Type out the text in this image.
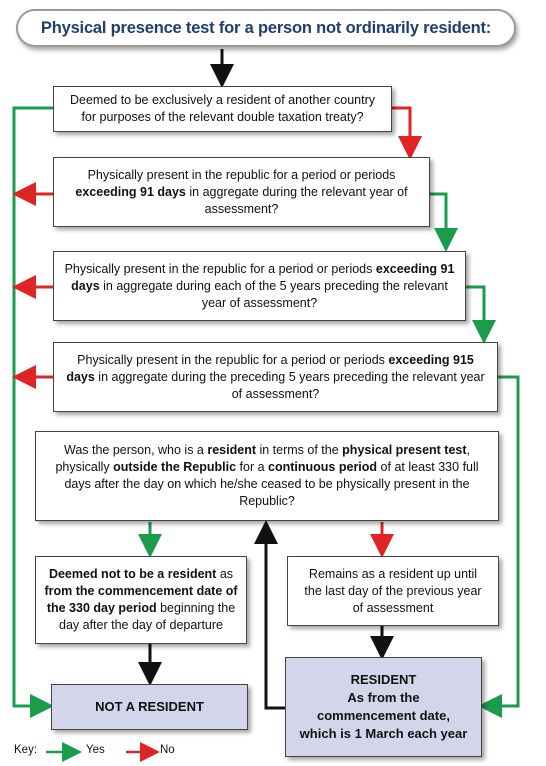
Physical presence test for a person not ordinarily resident:
Deemed to be exclusively a resident of another country
for purposes of the relevant double taxation treaty?
Physically present in the republic for a period or periods exceeding 91 days in aggregate during the relevant year of assessment?
Physically present in the republic for a period or periods exceeding 91 days in aggregate during each of the 5 years preceding the relevant year of assessment?
Physically present in the republic for a period or periods exceeding 915 days in aggregate during the preceding 5 years preceding the relevant year of assessment?
Was the person, who is a resident in terms of the physical present test, physically outside the Republic for a continuous period of at least 330 full days after the day on which he/she ceased to be physically present in the Republic?
Deemed not to be a resident as from the commencement date of the 330 day period beginning the day after the day of departure
Remains as a resident up until
the last day of the previous year
of assessment
NOT A RESIDENT
RESIDENT
As from the
commencement date,
which is 1 March each year
Key:	Yes	No
